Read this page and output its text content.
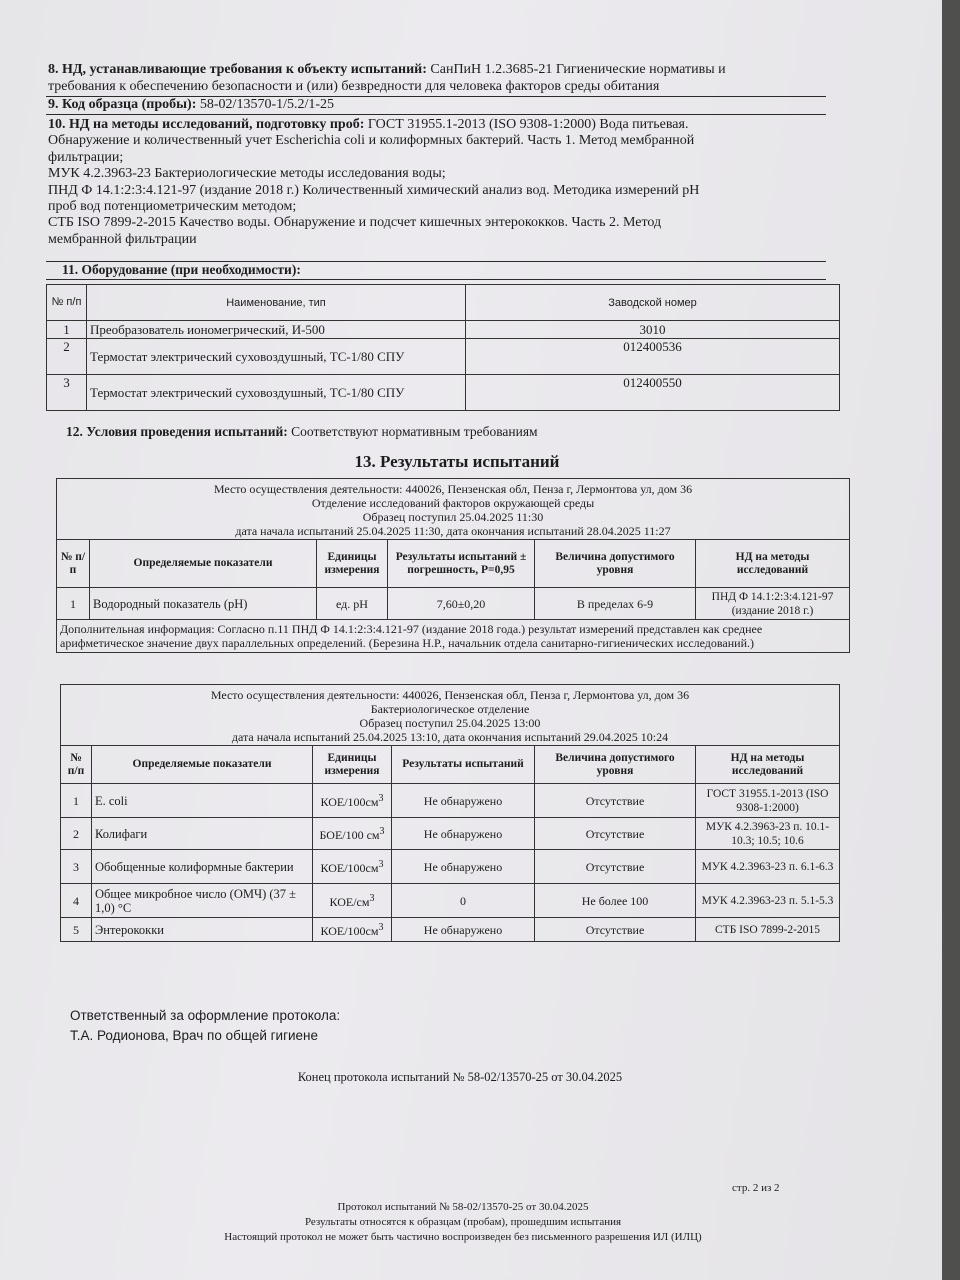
8. НД, устанавливающие требования к объекту испытаний: СанПиН 1.2.3685-21 Гигиенические нормативы и
требования к обеспечению безопасности и (или) безвредности для человека факторов среды обитания
9. Код образца (пробы): 58-02/13570-1/5.2/1-25
10. НД на методы исследований, подготовку проб: ГОСТ 31955.1-2013 (ISO 9308-1:2000) Вода питьевая.
Обнаружение и количественный учет Escherichia coli и колиформных бактерий. Часть 1. Метод мембранной
фильтрации;
МУК 4.2.3963-23 Бактериологические методы исследования воды;
ПНД Ф 14.1:2:3:4.121-97 (издание 2018 г.) Количественный химический анализ вод. Методика измерений pH
проб вод потенциометрическим методом;
СТБ ISO 7899-2-2015 Качество воды. Обнаружение и подсчет кишечных энтерококков. Часть 2. Метод
мембранной фильтрации
11. Оборудование (при необходимости):
№ п/п	Наименование, тип	Заводской номер
1	Преобразователь иономегрический, И-500	3010
2	Термостат электрический суховоздушный, ТС-1/80 СПУ	012400536
3	Термостат электрический суховоздушный, ТС-1/80 СПУ	012400550
12. Условия проведения испытаний: Соответствуют нормативным требованиям
13. Результаты испытаний
Место осуществления деятельности: 440026, Пензенская обл, Пенза г, Лермонтова ул, дом 36
Отделение исследований факторов окружающей среды
Образец поступил 25.04.2025 11:30
дата начала испытаний 25.04.2025 11:30, дата окончания испытаний 28.04.2025 11:27					

№ п/п	Определяемые показатели	Единицы измерения	Результаты испытаний ± погрешность, Р=0,95	Величина допустимого уровня	НД на методы исследований
1	Водородный показатель (pH)	ед. pH	7,60±0,20	В пределах 6-9	ПНД Ф 14.1:2:3:4.121-97 (издание 2018 г.)
Дополнительная информация: Согласно п.11 ПНД Ф 14.1:2:3:4.121-97 (издание 2018 года.) результат измерений представлен как среднее арифметическое значение двух параллельных определений. (Березина Н.Р., начальник отдела санитарно-гигиенических исследований.)					
Место осуществления деятельности: 440026, Пензенская обл, Пенза г, Лермонтова ул, дом 36
Бактериологическое отделение
Образец поступил 25.04.2025 13:00
дата начала испытаний 25.04.2025 13:10, дата окончания испытаний 29.04.2025 10:24					

№ п/п	Определяемые показатели	Единицы измерения	Результаты испытаний	Величина допустимого уровня	НД на методы исследований
1	E. coli	КОЕ/$100см^3$	Не обнаружено	Отсутствие	ГОСТ 31955.1-2013 (ISO 9308-1:2000)
2	Колифаги	БОЕ/100 $см^3$	Не обнаружено	Отсутствие	МУК 4.2.3963-23 п. 10.1-10.3; 10.5; 10.6
3	Обобщенные колиформные бактерии	КОЕ/$100см^3$	Не обнаружено	Отсутствие	МУК 4.2.3963-23 п. 6.1-6.3
4	Общее микробное число (ОМЧ) (37 ± 1,0) °С	КОЕ/$см^3$	0	Не более 100	МУК 4.2.3963-23 п. 5.1-5.3
5	Энтерококки	КОЕ/$100см^3$	Не обнаружено	Отсутствие	СТБ ISO 7899-2-2015
Ответственный за оформление протокола:
Т.А. Родионова, Врач по общей гигиене
Конец протокола испытаний № 58-02/13570-25 от 30.04.2025
стр. 2 из 2
Протокол испытаний № 58-02/13570-25 от 30.04.2025
Результаты относятся к образцам (пробам), прошедшим испытания
Настоящий протокол не может быть частично воспроизведен без письменного разрешения ИЛ (ИЛЦ)
